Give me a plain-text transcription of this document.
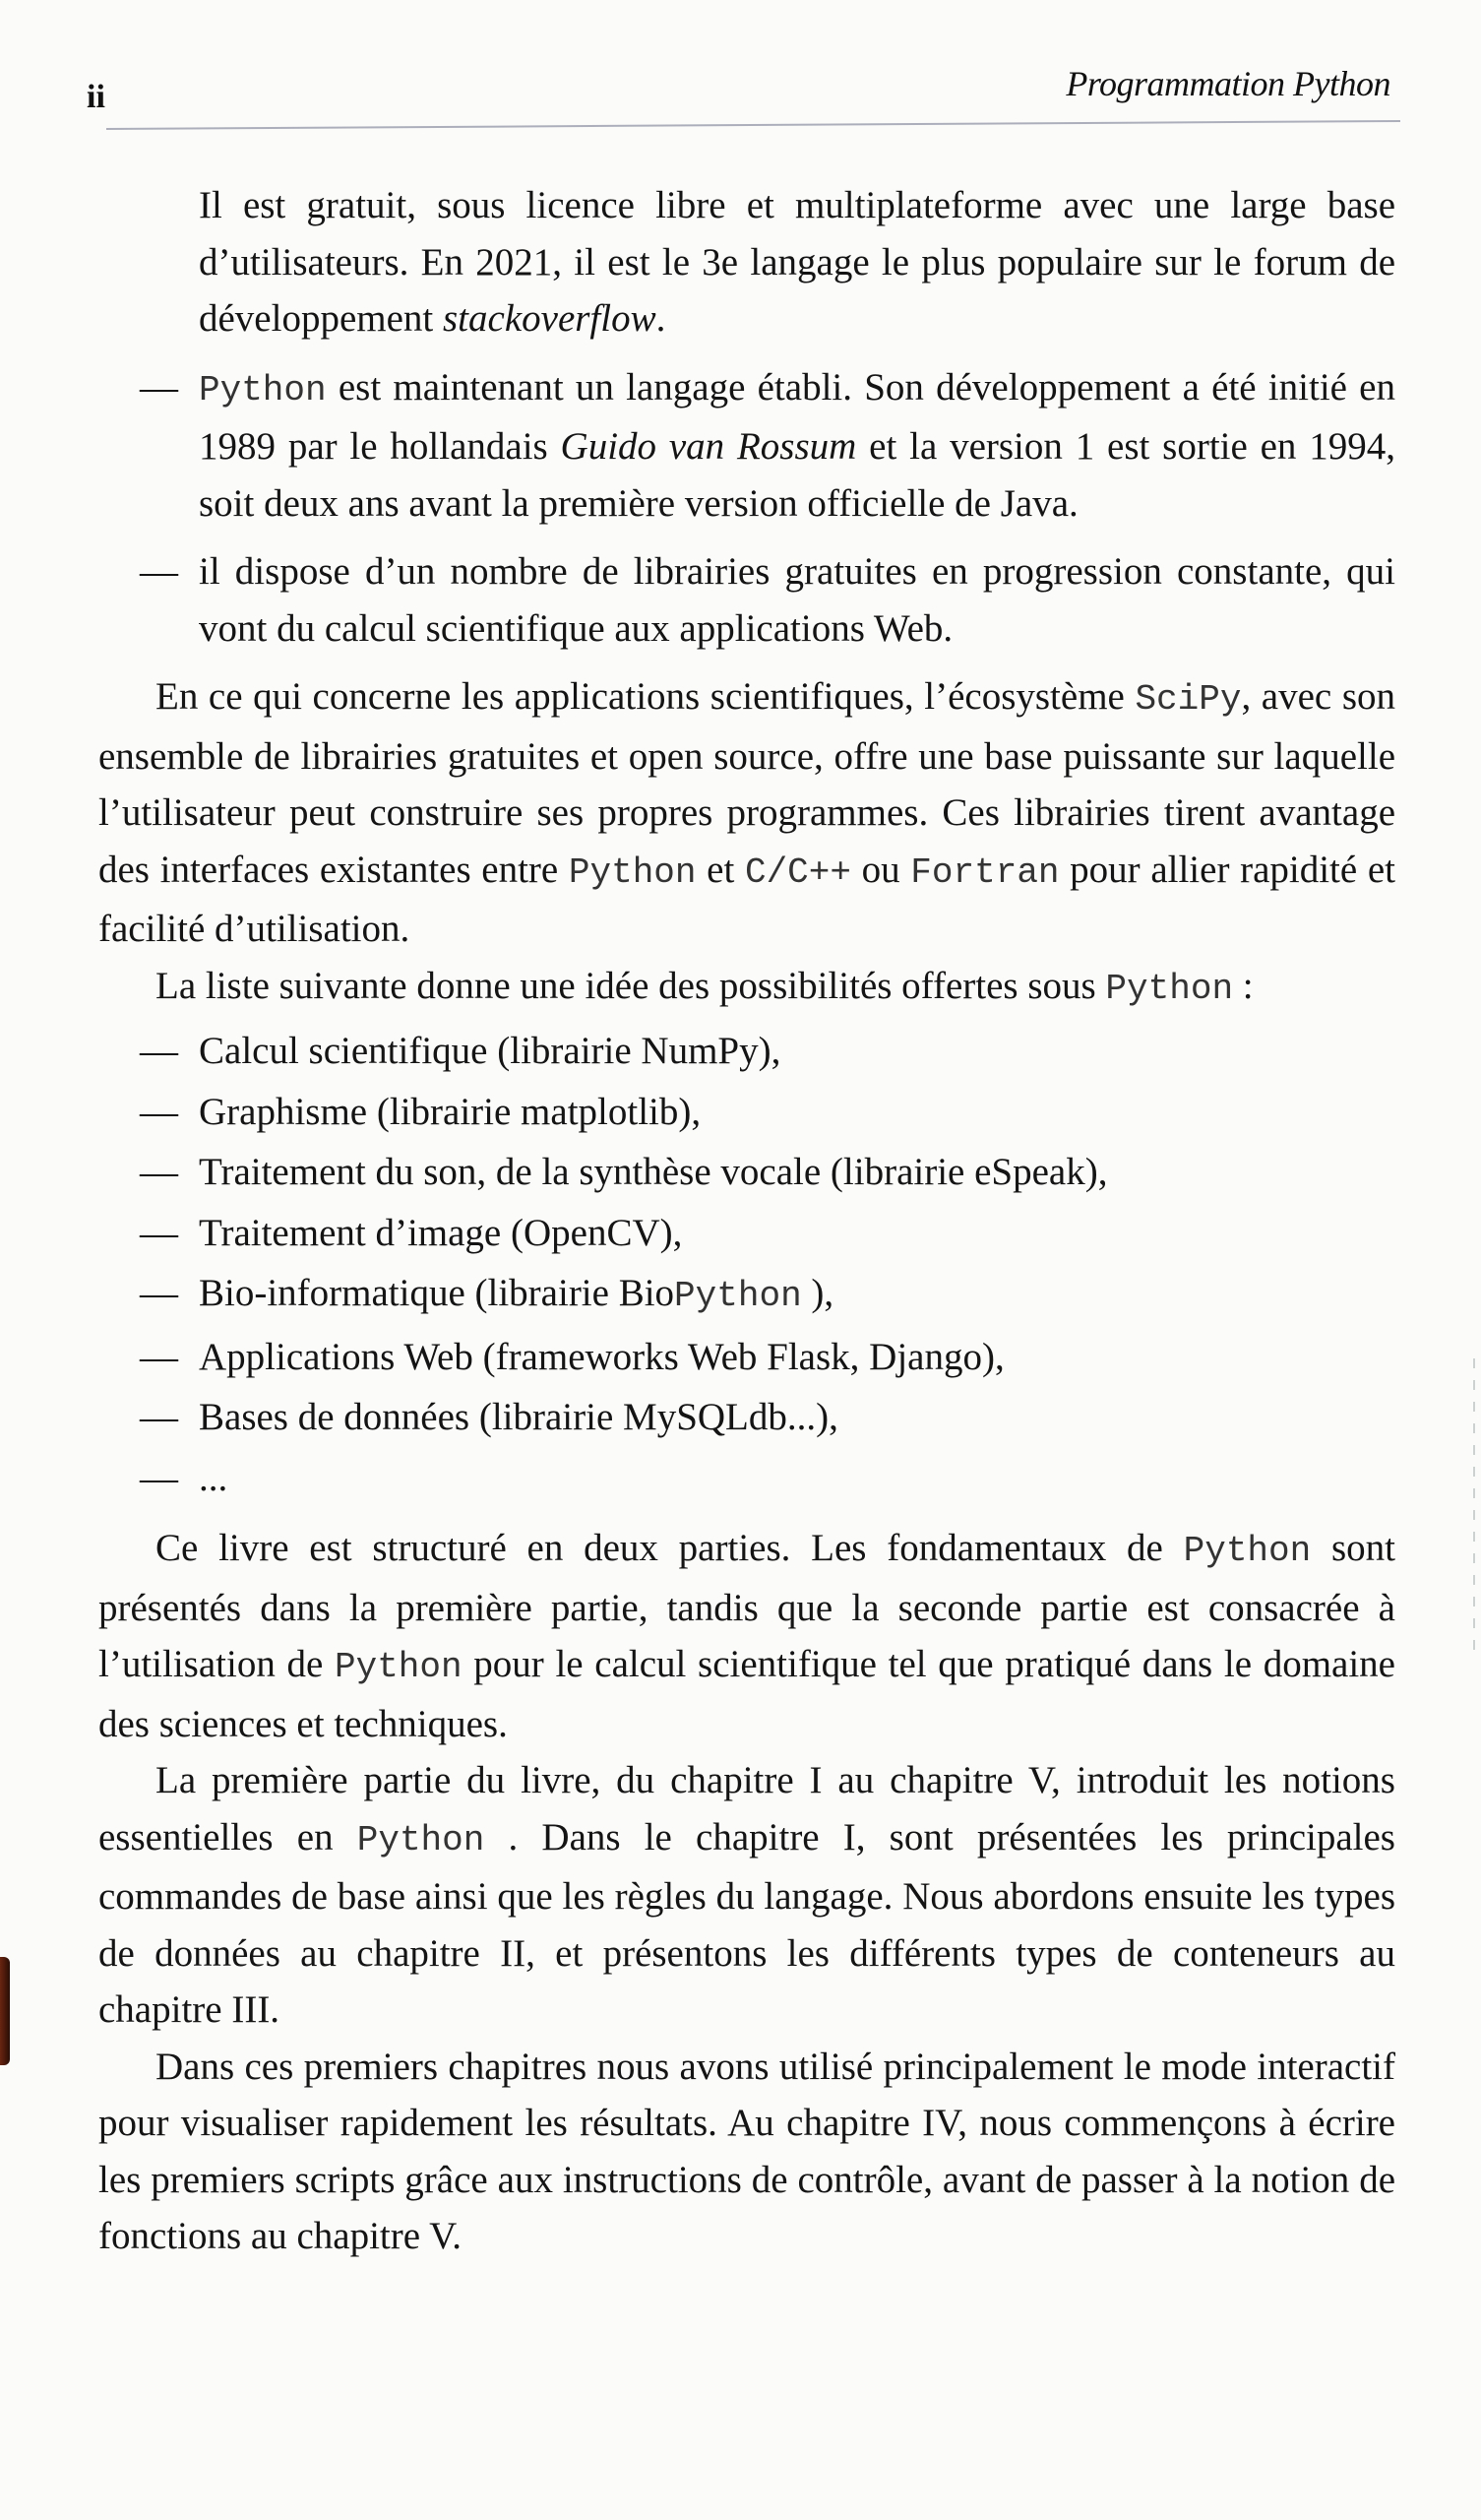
ii	Programmation Python

Il est gratuit, sous licence libre et multiplateforme avec une large base d’utilisateurs. En 2021, il est le 3e langage le plus populaire sur le forum de développement stackoverflow.

— Python est maintenant un langage établi. Son développement a été initié en 1989 par le hollandais Guido van Rossum et la version 1 est sortie en 1994, soit deux ans avant la première version officielle de Java.
— il dispose d’un nombre de librairies gratuites en progression constante, qui vont du calcul scientifique aux applications Web.

En ce qui concerne les applications scientifiques, l’écosystème SciPy, avec son ensemble de librairies gratuites et open source, offre une base puissante sur laquelle l’utilisateur peut construire ses propres programmes. Ces librairies tirent avantage des interfaces existantes entre Python et C/C++ ou Fortran pour allier rapidité et facilité d’utilisation.

La liste suivante donne une idée des possibilités offertes sous Python :

— Calcul scientifique (librairie NumPy),
— Graphisme (librairie matplotlib),
— Traitement du son, de la synthèse vocale (librairie eSpeak),
— Traitement d’image (OpenCV),
— Bio-informatique (librairie BioPython ),
— Applications Web (frameworks Web Flask, Django),
— Bases de données (librairie MySQLdb...),
— ...

Ce livre est structuré en deux parties. Les fondamentaux de Python sont présentés dans la première partie, tandis que la seconde partie est consacrée à l’utilisation de Python pour le calcul scientifique tel que pratiqué dans le domaine des sciences et techniques.

La première partie du livre, du chapitre I au chapitre V, introduit les notions essentielles en Python . Dans le chapitre I, sont présentées les principales commandes de base ainsi que les règles du langage. Nous abordons ensuite les types de données au chapitre II, et présentons les différents types de conteneurs au chapitre III.

Dans ces premiers chapitres nous avons utilisé principalement le mode interactif pour visualiser rapidement les résultats. Au chapitre IV, nous commençons à écrire les premiers scripts grâce aux instructions de contrôle, avant de passer à la notion de fonctions au chapitre V.
